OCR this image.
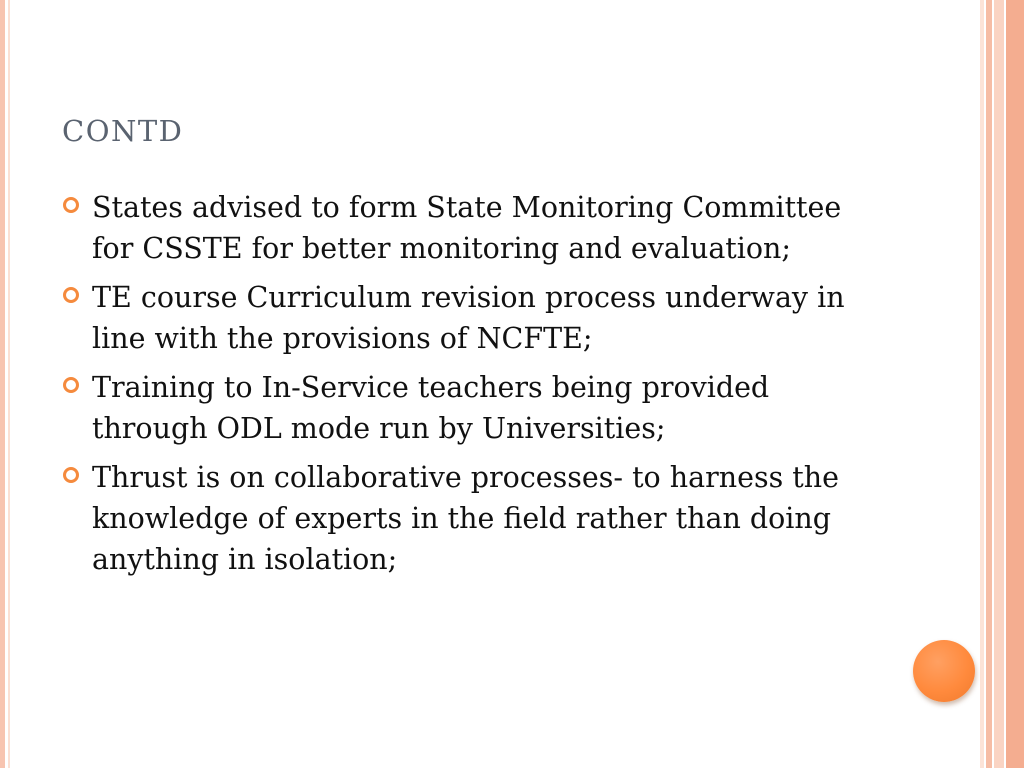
CONTD
States advised to form State Monitoring Committee for CSSTE for better monitoring and evaluation;
TE course Curriculum revision process underway in line with the provisions of NCFTE;
Training to In-Service teachers being provided through ODL mode run by Universities;
Thrust is on collaborative processes- to harness the knowledge of experts in the field rather than doing anything in isolation;
